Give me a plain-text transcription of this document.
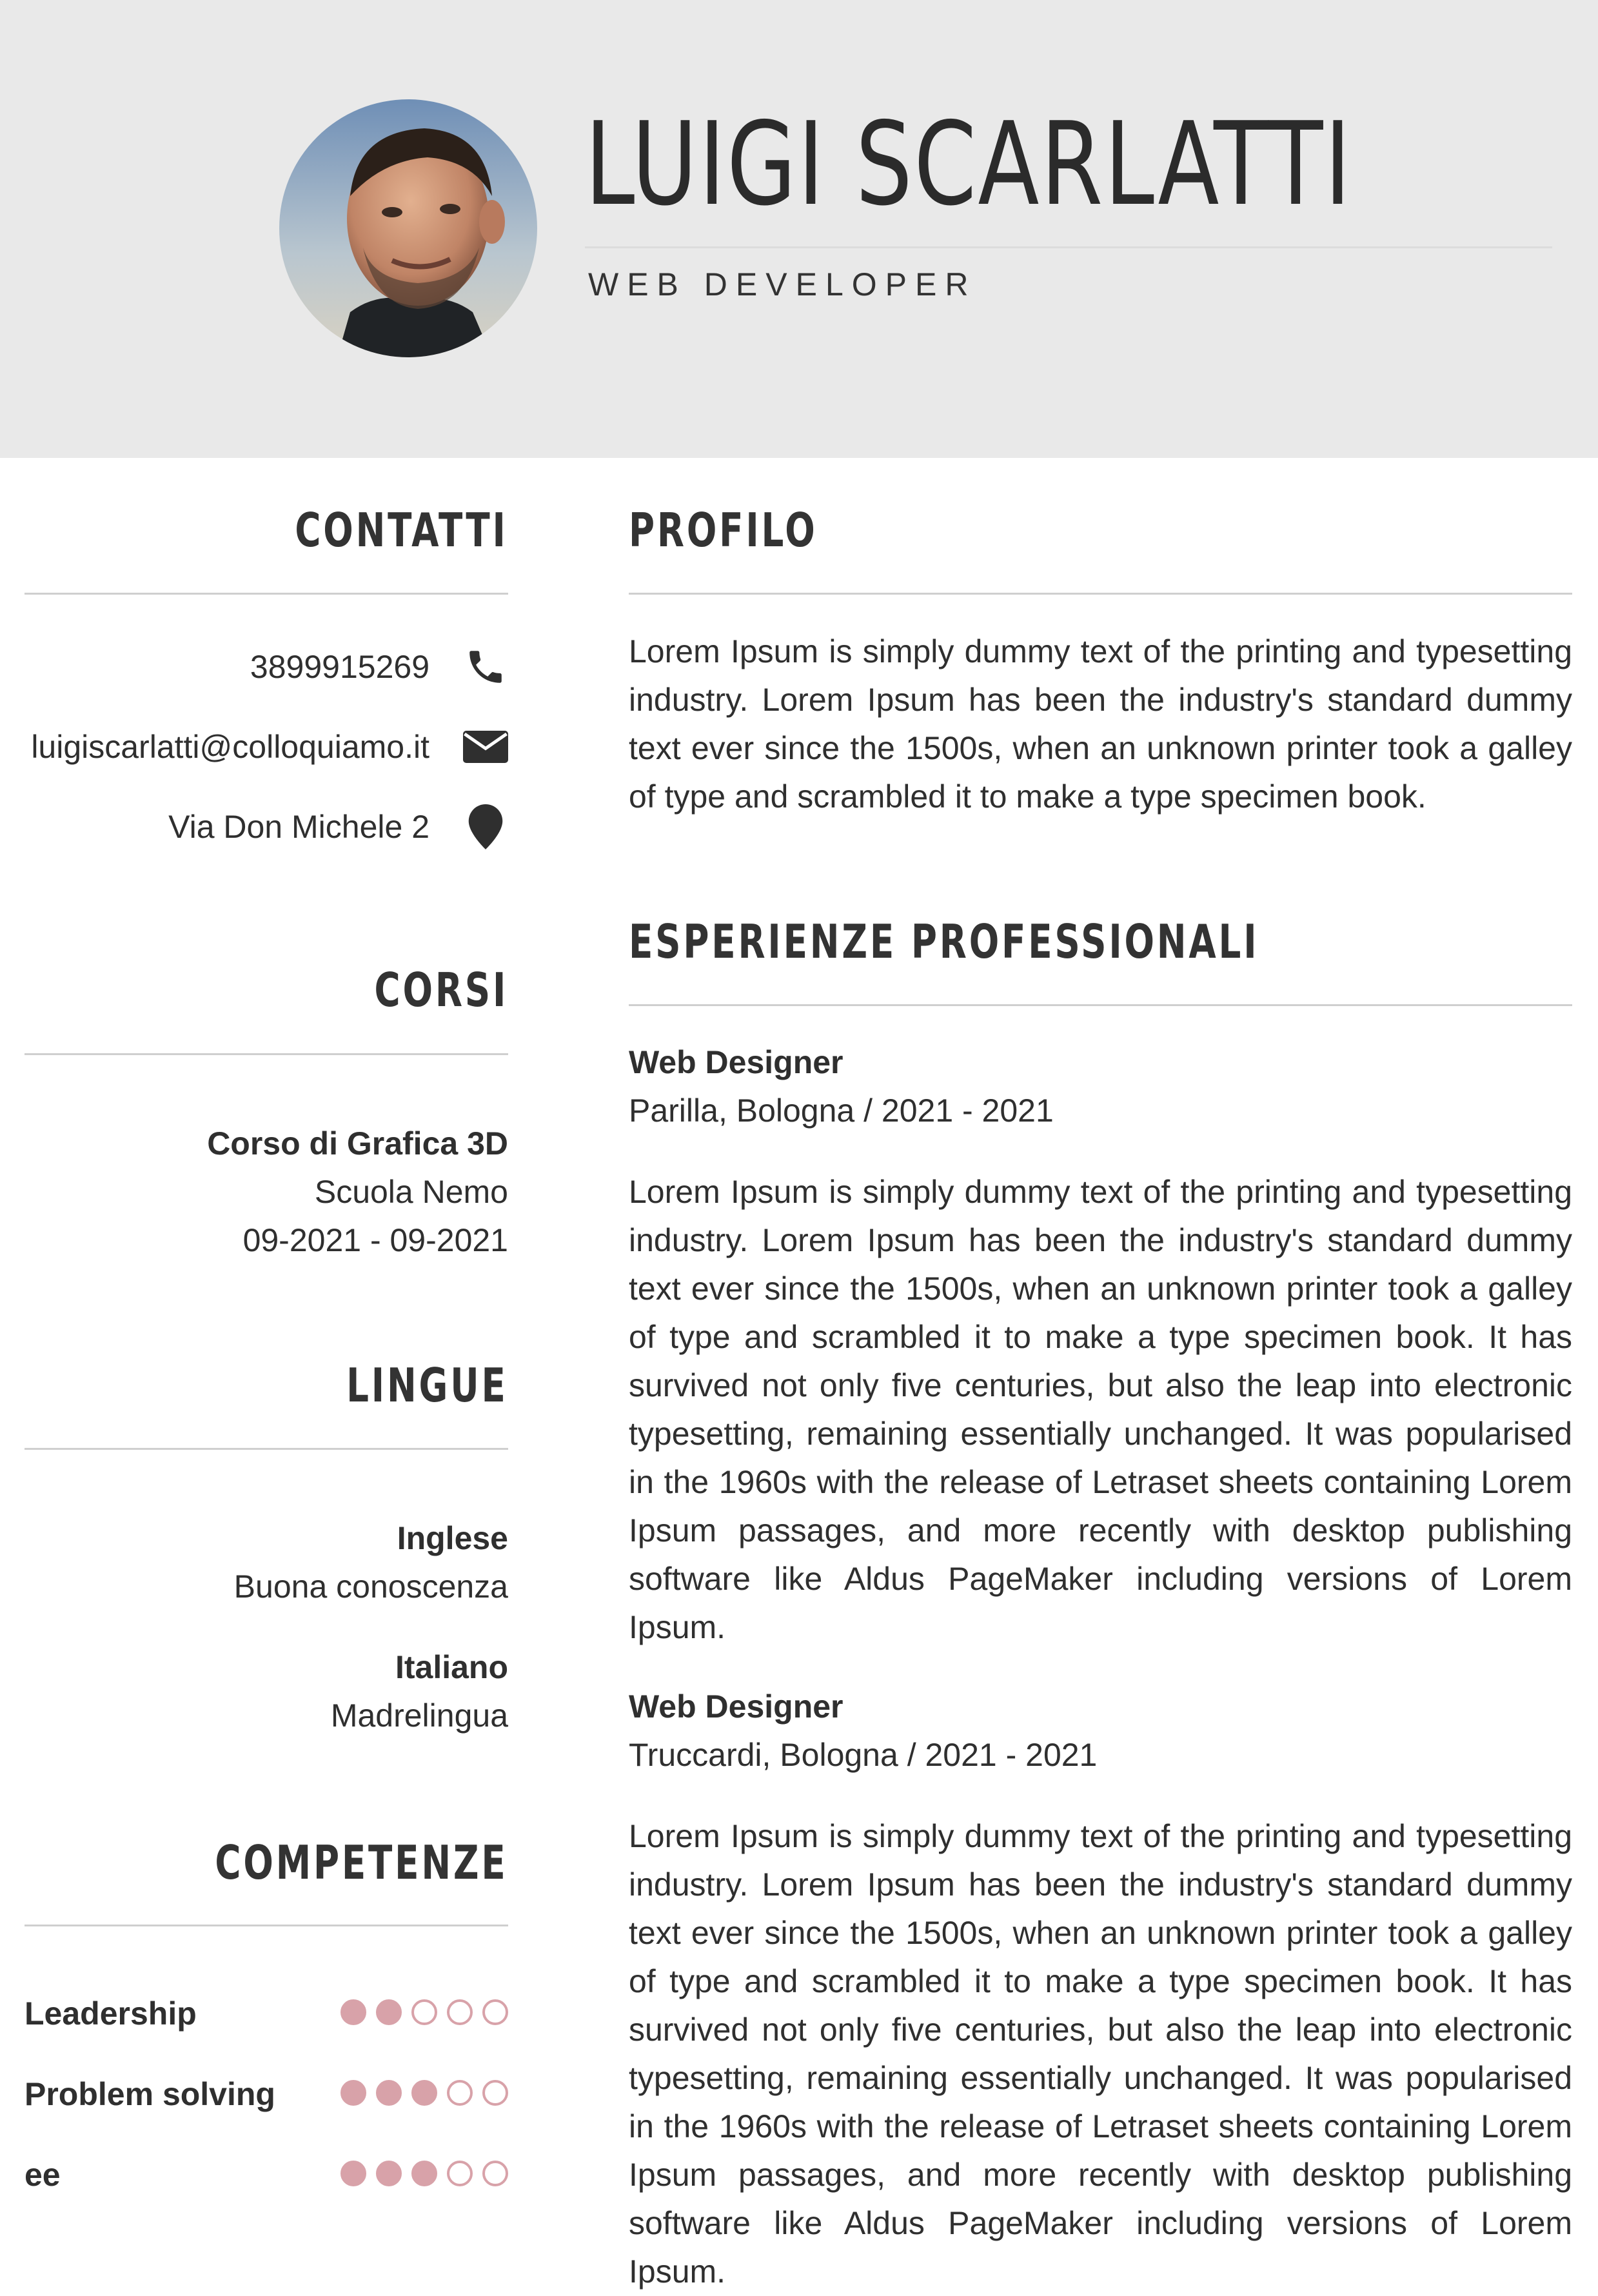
LUIGI SCARLATTI
WEB DEVELOPER
CONTATTI
3899915269
luigiscarlatti@colloquiamo.it
Via Don Michele 2
CORSI
Corso di Grafica 3D
Scuola Nemo
09-2021 - 09-2021
LINGUE
Inglese
Buona conoscenza
Italiano
Madrelingua
COMPETENZE
Leadership
Problem solving
ee
PROFILO

Lorem Ipsum is simply dummy text of the printing and typesetting industry. Lorem Ipsum has been the industry's standard dummy text ever since the 1500s, when an unknown printer took a galley of type and scrambled it to make a type specimen book.

ESPERIENZE PROFESSIONALI
Web Designer
Parilla, Bologna / 2021 - 2021

Lorem Ipsum is simply dummy text of the printing and typesetting industry. Lorem Ipsum has been the industry's standard dummy text ever since the 1500s, when an unknown printer took a galley of type and scrambled it to make a type specimen book. It has survived not only five centuries, but also the leap into electronic typesetting, remaining essentially unchanged. It was popularised in the 1960s with the release of Letraset sheets containing Lorem Ipsum passages, and more recently with desktop publishing software like Aldus PageMaker including versions of Lorem Ipsum.

Web Designer
Truccardi, Bologna / 2021 - 2021

Lorem Ipsum is simply dummy text of the printing and typesetting industry. Lorem Ipsum has been the industry's standard dummy text ever since the 1500s, when an unknown printer took a galley of type and scrambled it to make a type specimen book. It has survived not only five centuries, but also the leap into electronic typesetting, remaining essentially unchanged. It was popularised in the 1960s with the release of Letraset sheets containing Lorem Ipsum passages, and more recently with desktop publishing software like Aldus PageMaker including versions of Lorem Ipsum.
